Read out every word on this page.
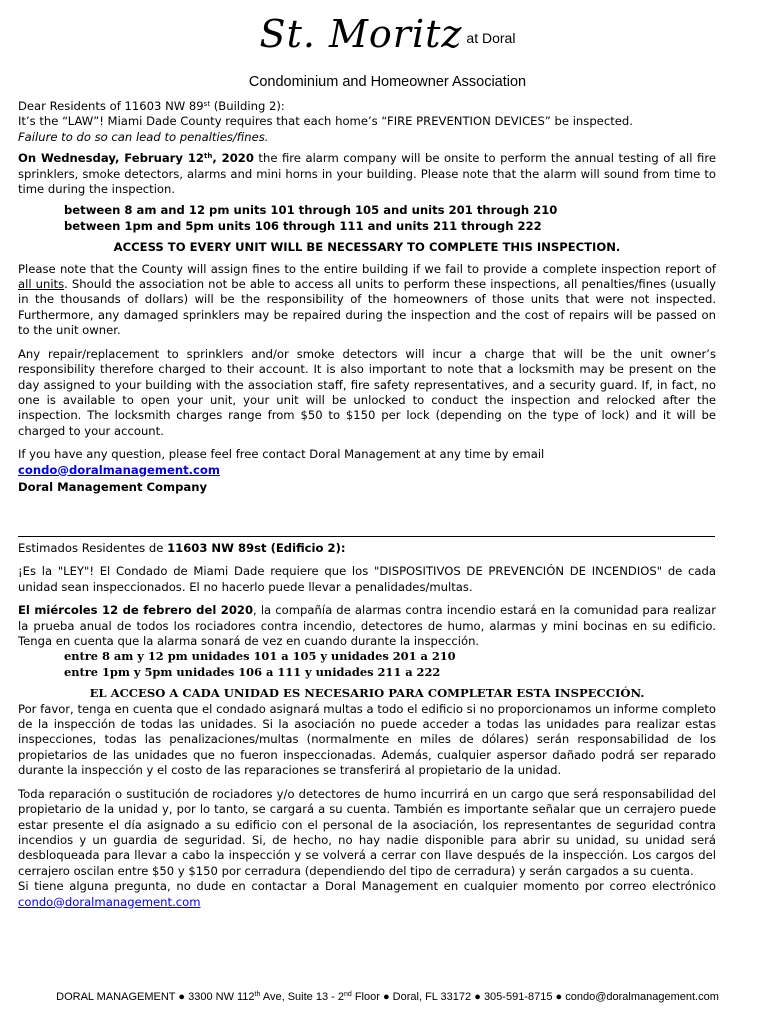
St. Moritz at Doral
Condominium and Homeowner Association

Dear Residents of 11603 NW 89st (Building 2):

It’s the “LAW”! Miami Dade County requires that each home’s “FIRE PREVENTION DEVICES” be inspected.

Failure to do so can lead to penalties/fines.

On Wednesday, February 12th, 2020 the fire alarm company will be onsite to perform the annual testing of all fire sprinklers, smoke detectors, alarms and mini horns in your building. Please note that the alarm will sound from time to time during the inspection.

between 8 am and 12 pm units 101 through 105 and units 201 through 210

between 1pm and 5pm units 106 through 111 and units 211 through 222

ACCESS TO EVERY UNIT WILL BE NECESSARY TO COMPLETE THIS INSPECTION.

Please note that the County will assign fines to the entire building if we fail to provide a complete inspection report of all units. Should the association not be able to access all units to perform these inspections, all penalties/fines (usually in the thousands of dollars) will be the responsibility of the homeowners of those units that were not inspected. Furthermore, any damaged sprinklers may be repaired during the inspection and the cost of repairs will be passed on to the unit owner.

Any repair/replacement to sprinklers and/or smoke detectors will incur a charge that will be the unit owner’s responsibility therefore charged to their account. It is also important to note that a locksmith may be present on the day assigned to your building with the association staff, fire safety representatives, and a security guard. If, in fact, no one is available to open your unit, your unit will be unlocked to conduct the inspection and relocked after the inspection. The locksmith charges range from $50 to $150 per lock (depending on the type of lock) and it will be charged to your account.

If you have any question, please feel free contact Doral Management at any time by email

condo@doralmanagement.com

Doral Management Company

Estimados Residentes de 11603 NW 89st (Edificio 2):

¡Es la "LEY"! El Condado de Miami Dade requiere que los "DISPOSITIVOS DE PREVENCIÓN DE INCENDIOS" de cada unidad sean inspeccionados. El no hacerlo puede llevar a penalidades/multas.

El miércoles 12 de febrero del 2020, la compañía de alarmas contra incendio estará en la comunidad para realizar la prueba anual de todos los rociadores contra incendio, detectores de humo, alarmas y mini bocinas en su edificio. Tenga en cuenta que la alarma sonará de vez en cuando durante la inspección.

entre 8 am y 12 pm unidades 101 a 105 y unidades 201 a 210

entre 1pm y 5pm unidades 106 a 111 y unidades 211 a 222

EL ACCESO A CADA UNIDAD ES NECESARIO PARA COMPLETAR ESTA INSPECCIÓN.

Por favor, tenga en cuenta que el condado asignará multas a todo el edificio si no proporcionamos un informe completo de la inspección de todas las unidades. Si la asociación no puede acceder a todas las unidades para realizar estas inspecciones, todas las penalizaciones/multas (normalmente en miles de dólares) serán responsabilidad de los propietarios de las unidades que no fueron inspeccionadas. Además, cualquier aspersor dañado podrá ser reparado durante la inspección y el costo de las reparaciones se transferirá al propietario de la unidad.

Toda reparación o sustitución de rociadores y/o detectores de humo incurrirá en un cargo que será responsabilidad del propietario de la unidad y, por lo tanto, se cargará a su cuenta. También es importante señalar que un cerrajero puede estar presente el día asignado a su edificio con el personal de la asociación, los representantes de seguridad contra incendios y un guardia de seguridad. Si, de hecho, no hay nadie disponible para abrir su unidad, su unidad será desbloqueada para llevar a cabo la inspección y se volverá a cerrar con llave después de la inspección. Los cargos del cerrajero oscilan entre $50 y $150 por cerradura (dependiendo del tipo de cerradura) y serán cargados a su cuenta.

Si tiene alguna pregunta, no dude en contactar a Doral Management en cualquier momento por correo electrónico condo@doralmanagement.com

DORAL MANAGEMENT ● 3300 NW 112th Ave, Suite 13 - 2nd Floor ● Doral, FL 33172 ● 305-591-8715 ● condo@doralmanagement.com
